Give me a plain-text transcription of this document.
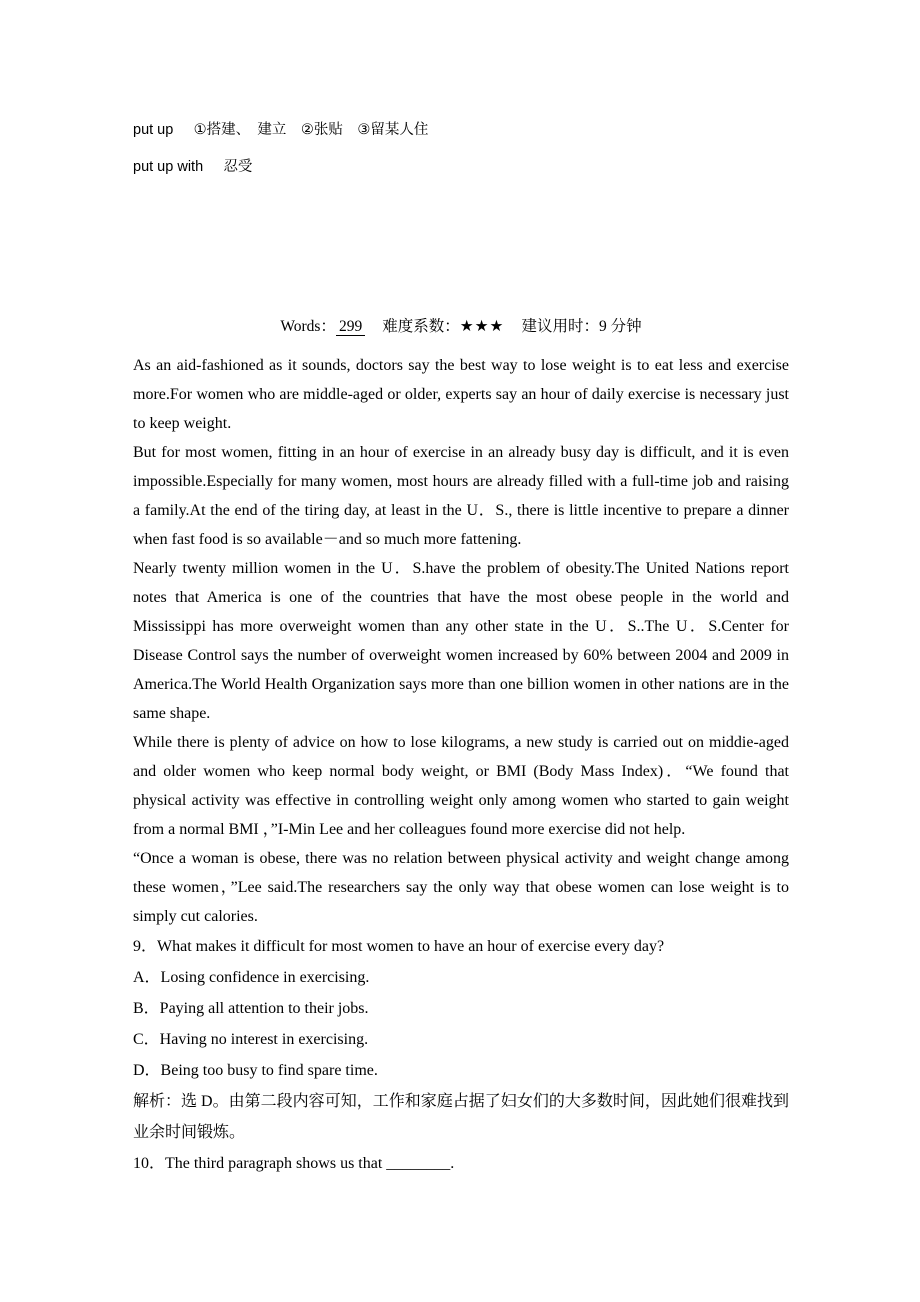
put up ①搭建、　建立　②张贴　③留某人住

put up with 忍受

Words： 299 难度系数：★★★ 建议用时：9 分钟

As an aid-fashioned as it sounds, doctors say the best way to lose weight is to eat less and exercise more.For women who are middle-aged or older, experts say an hour of daily exercise is necessary just to keep weight.

But for most women, fitting in an hour of exercise in an already busy day is difficult, and it is even impossible.Especially for many women, most hours are already filled with a full-time job and raising a family.At the end of the tiring day, at least in the U．S., there is little incentive to prepare a dinner when fast food is so available－and so much more fattening.

Nearly twenty million women in the U．S.have the problem of obesity.The United Nations report notes that America is one of the countries that have the most obese people in the world and Mississippi has more overweight women than any other state in the U．S..The U．S.Center for Disease Control says the number of overweight women increased by 60% between 2004 and 2009 in America.The World Health Organization says more than one billion women in other nations are in the same shape.

While there is plenty of advice on how to lose kilograms, a new study is carried out on middie-aged and older women who keep normal body weight, or BMI (Body Mass Index)．“We found that physical activity was effective in controlling weight only among women who started to gain weight from a normal BMI ，”I-Min Lee and her colleagues found more exercise did not help.

“Once a woman is obese, there was no relation between physical activity and weight change among these women，”Lee said.The researchers say the only way that obese women can lose weight is to simply cut calories.

9．What makes it difficult for most women to have an hour of exercise every day?

A．Losing confidence in exercising.

B．Paying all attention to their jobs.

C．Having no interest in exercising.

D．Being too busy to find spare time.

解析：选 D。由第二段内容可知，工作和家庭占据了妇女们的大多数时间，因此她们很难找到业余时间锻炼。

10．The third paragraph shows us that ________.
